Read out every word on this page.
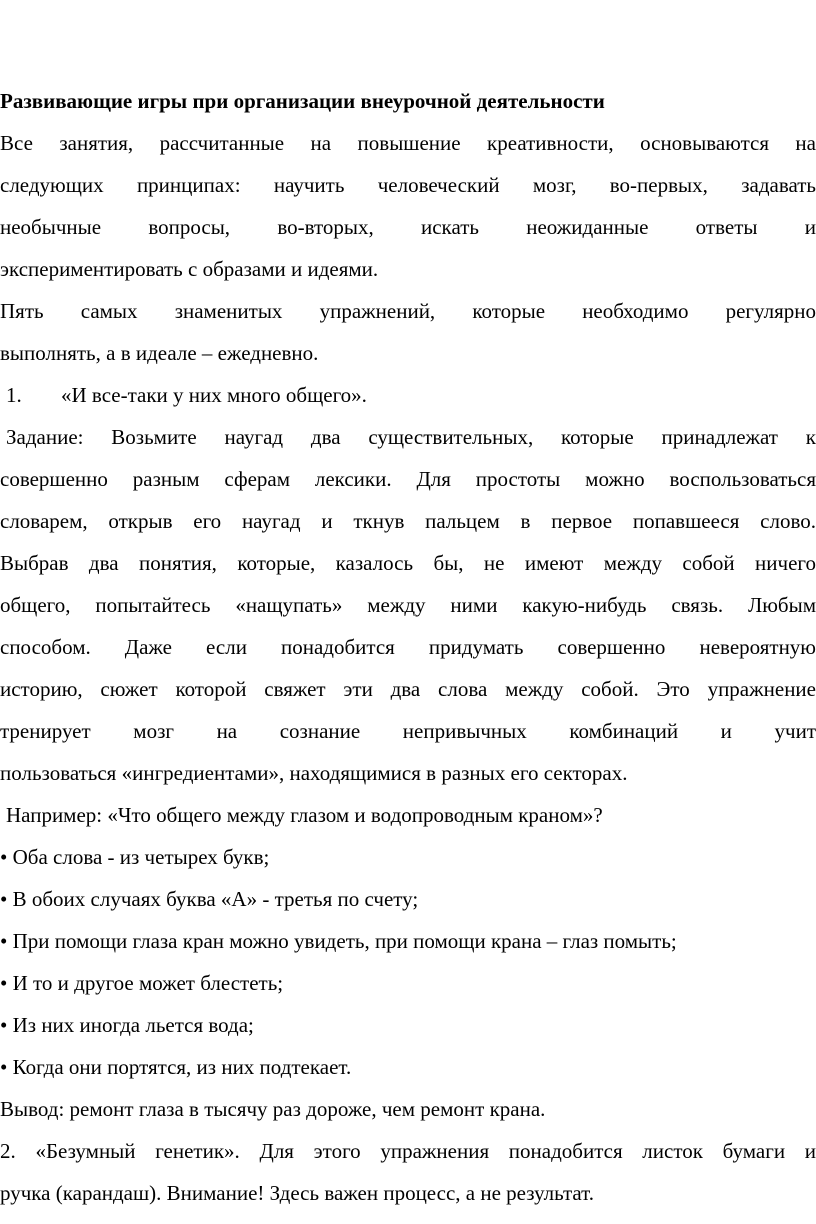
Развивающие игры при организации внеурочной деятельности
Все занятия, рассчитанные на повышение креативности, основываются на
следующих принципах: научить человеческий мозг, во-первых, задавать
необычные вопросы, во-вторых, искать неожиданные ответы и
экспериментировать с образами и идеями.
Пять самых знаменитых упражнений, которые необходимо регулярно
выполнять, а в идеале – ежедневно.
1. «И все-таки у них много общего».
Задание: Возьмите наугад два существительных, которые принадлежат к
совершенно разным сферам лексики. Для простоты можно воспользоваться
словарем, открыв его наугад и ткнув пальцем в первое попавшееся слово.
Выбрав два понятия, которые, казалось бы, не имеют между собой ничего
общего, попытайтесь «нащупать» между ними какую-нибудь связь. Любым
способом. Даже если понадобится придумать совершенно невероятную
историю, сюжет которой свяжет эти два слова между собой. Это упражнение
тренирует мозг на сознание непривычных комбинаций и учит
пользоваться «ингредиентами», находящимися в разных его секторах.
Например: «Что общего между глазом и водопроводным краном»?
• Оба слова - из четырех букв;
• В обоих случаях буква «А» - третья по счету;
• При помощи глаза кран можно увидеть, при помощи крана – глаз помыть;
• И то и другое может блестеть;
• Из них иногда льется вода;
• Когда они портятся, из них подтекает.
Вывод: ремонт глаза в тысячу раз дороже, чем ремонт крана.
2. «Безумный генетик». Для этого упражнения понадобится листок бумаги и
ручка (карандаш). Внимание! Здесь важен процесс, а не результат.
